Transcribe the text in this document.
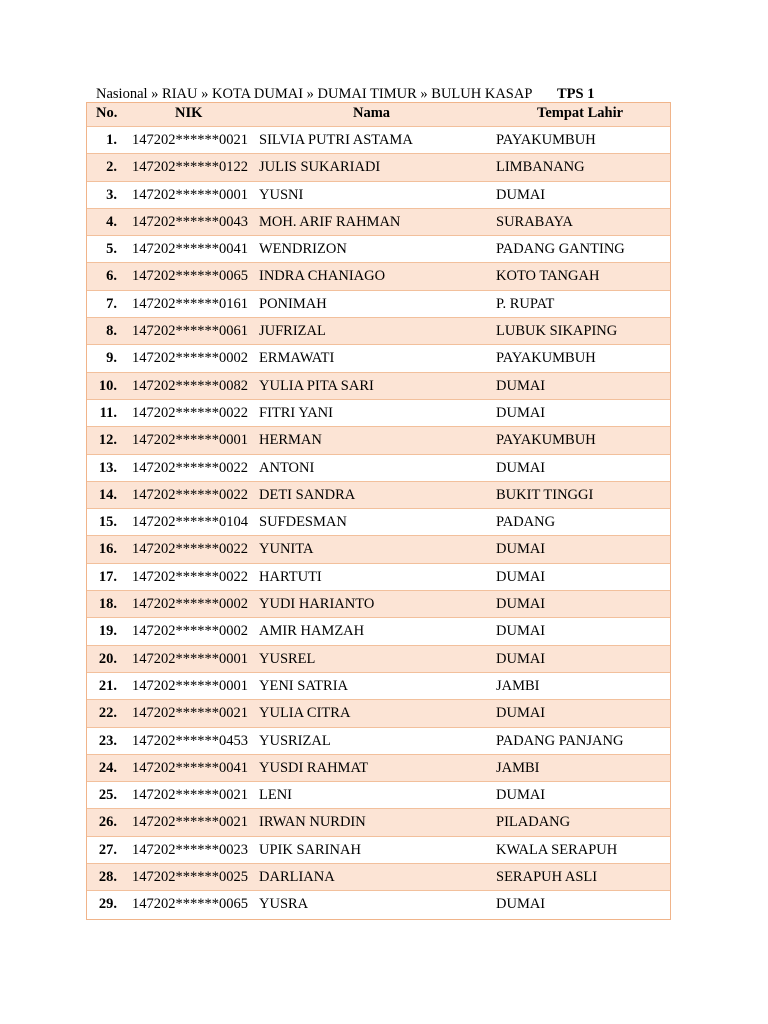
Nasional » RIAU » KOTA DUMAI » DUMAI TIMUR » BULUH KASAP TPS 1
No.	NIK	Nama	Tempat Lahir
1. 147202******0021 SILVIA PUTRI ASTAMA	PAYAKUMBUH
2. 147202******0122 JULIS SUKARIADI	LIMBANANG
3. 147202******0001 YUSNI	DUMAI
4. 147202******0043 MOH. ARIF RAHMAN	SURABAYA
5. 147202******0041 WENDRIZON	PADANG GANTING
6. 147202******0065 INDRA CHANIAGO	KOTO TANGAH
7. 147202******0161 PONIMAH	P. RUPAT
8. 147202******0061 JUFRIZAL	LUBUK SIKAPING
9. 147202******0002 ERMAWATI	PAYAKUMBUH
10. 147202******0082 YULIA PITA SARI	DUMAI
11. 147202******0022 FITRI YANI	DUMAI
12. 147202******0001 HERMAN	PAYAKUMBUH
13. 147202******0022 ANTONI	DUMAI
14. 147202******0022 DETI SANDRA	BUKIT TINGGI
15. 147202******0104 SUFDESMAN	PADANG
16. 147202******0022 YUNITA	DUMAI
17. 147202******0022 HARTUTI	DUMAI
18. 147202******0002 YUDI HARIANTO	DUMAI
19. 147202******0002 AMIR HAMZAH	DUMAI
20. 147202******0001 YUSREL	DUMAI
21. 147202******0001 YENI SATRIA	JAMBI
22. 147202******0021 YULIA CITRA	DUMAI
23. 147202******0453 YUSRIZAL	PADANG PANJANG
24. 147202******0041 YUSDI RAHMAT	JAMBI
25. 147202******0021 LENI	DUMAI
26. 147202******0021 IRWAN NURDIN	PILADANG
27. 147202******0023 UPIK SARINAH	KWALA SERAPUH
28. 147202******0025 DARLIANA	SERAPUH ASLI
29. 147202******0065 YUSRA	DUMAI
